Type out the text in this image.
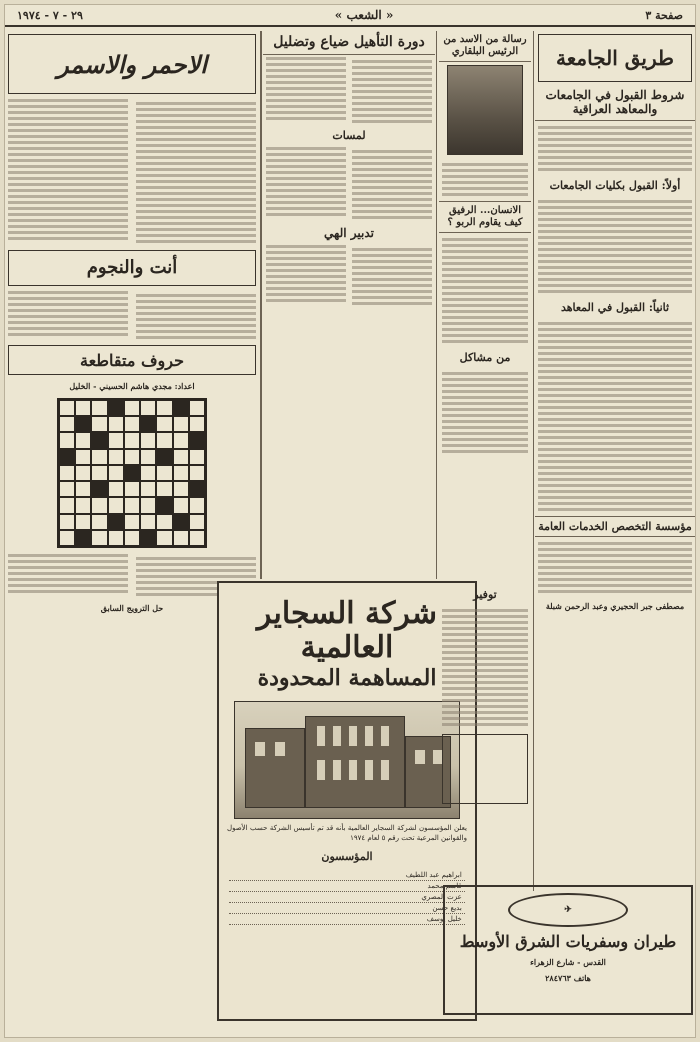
٢٩ - ٧ - ١٩٧٤	« الشعب »	صفحة ٣
طريق الجامعة
شروط القبول في الجامعات والمعاهد العراقية
أولاً: القبول بكليات الجامعات
ثانياً: القبول في المعاهد
مؤسسة التخصص الخدمات العامة
مصطفى جبر الحجيري وعبد الرحمن شبلة
رسالة من الاسد من الرئيس البلقاري
الانسان... الرفيق كيف يقاوم الربو ؟
من مشاكل
دورة التأهيل ضياع وتضليل
لمسات
تدبير الهي
الاحمر والاسمر
أنت والنجوم
حروف متقاطعة
اعداد: مجدي هاشم الحسيني - الخليل
حل الترويج السابق	شركة السجاير العالمية
المساهمة المحدودة
يعلن المؤسسون لشركة السجاير العالمية بأنه قد تم تأسيس الشركة حسب الأصول والقوانين المرعية تحت رقم ٥ لعام ١٩٧٤
المؤسسون
ابراهيم عبد اللطيف
قاسم محمد
عزت المصري
بديع حسن
خليل يوسف
توفير
✈
طيران وسفريات الشرق الأوسط
القدس - شارع الزهراء
هاتف ٢٨٤٧٦٣
